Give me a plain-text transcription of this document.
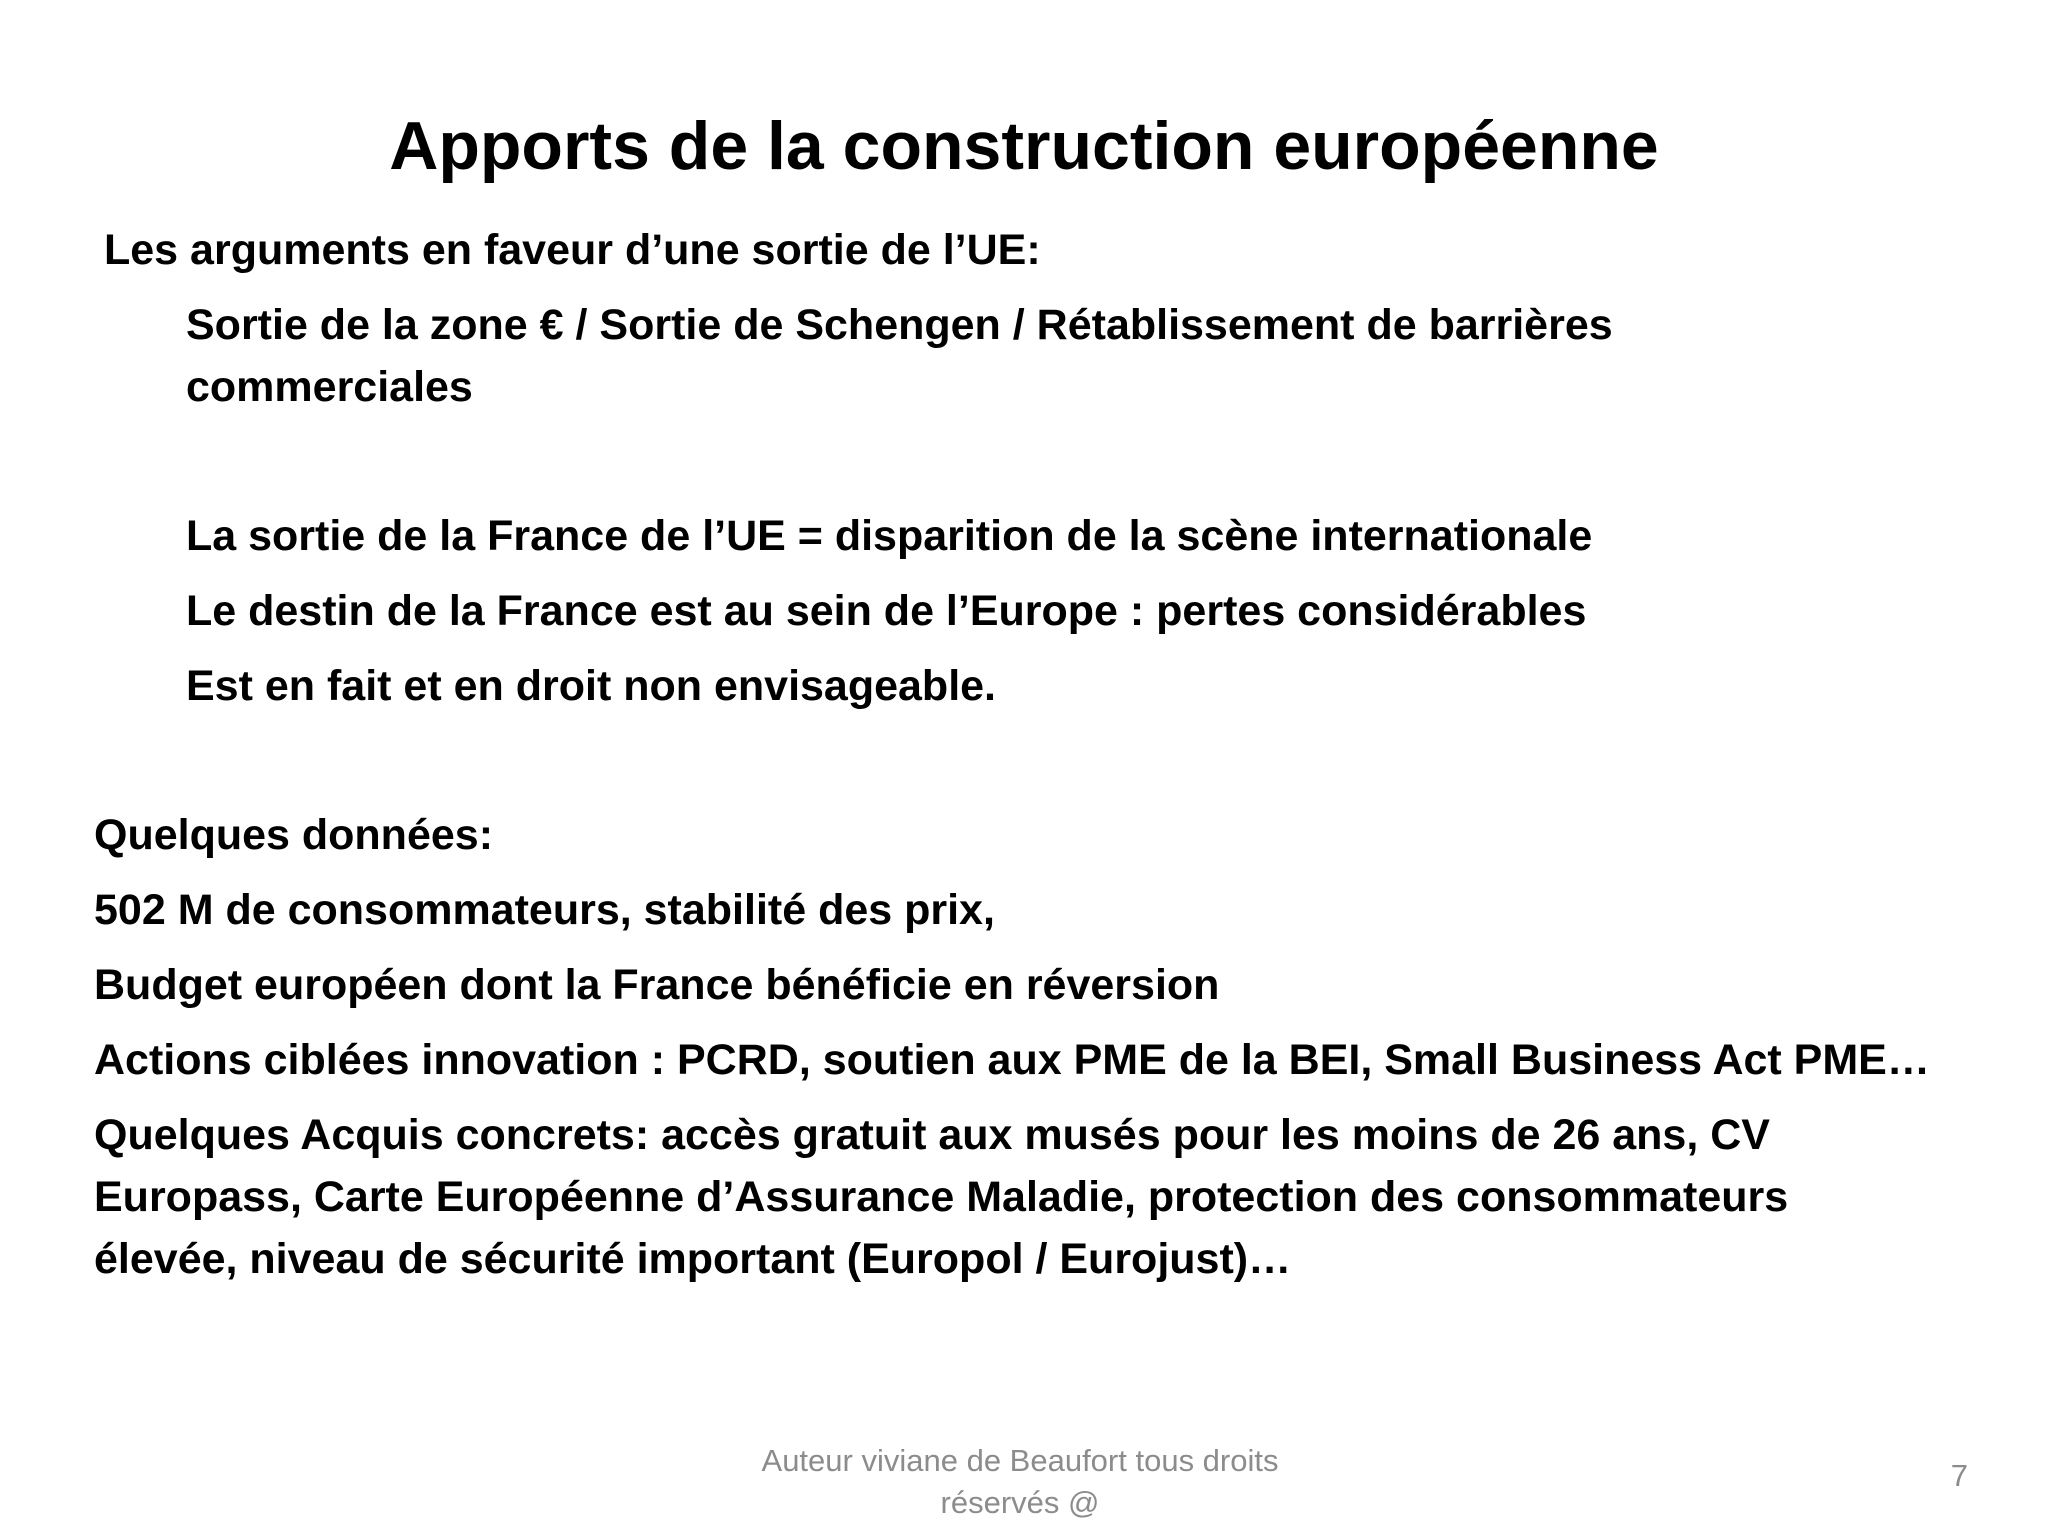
Apports de la construction européenne
Les arguments en faveur d’une sortie de l’UE:
Sortie de la zone € / Sortie de Schengen / Rétablissement de barrières
commerciales
La sortie de la France de l’UE = disparition de la scène internationale
Le destin de la France est au sein de l’Europe : pertes considérables
Est en fait et en droit non envisageable.
Quelques données:
502 M de consommateurs, stabilité des prix,
Budget européen dont la France bénéficie en réversion
Actions ciblées innovation : PCRD, soutien aux PME de la BEI, Small Business Act PME…
Quelques Acquis concrets: accès gratuit aux musés pour les moins de 26 ans, CV
Europass, Carte Européenne d’Assurance Maladie, protection des consommateurs
élevée, niveau de sécurité important (Europol / Eurojust)…
Auteur viviane de Beaufort tous droits
réservés @
7
